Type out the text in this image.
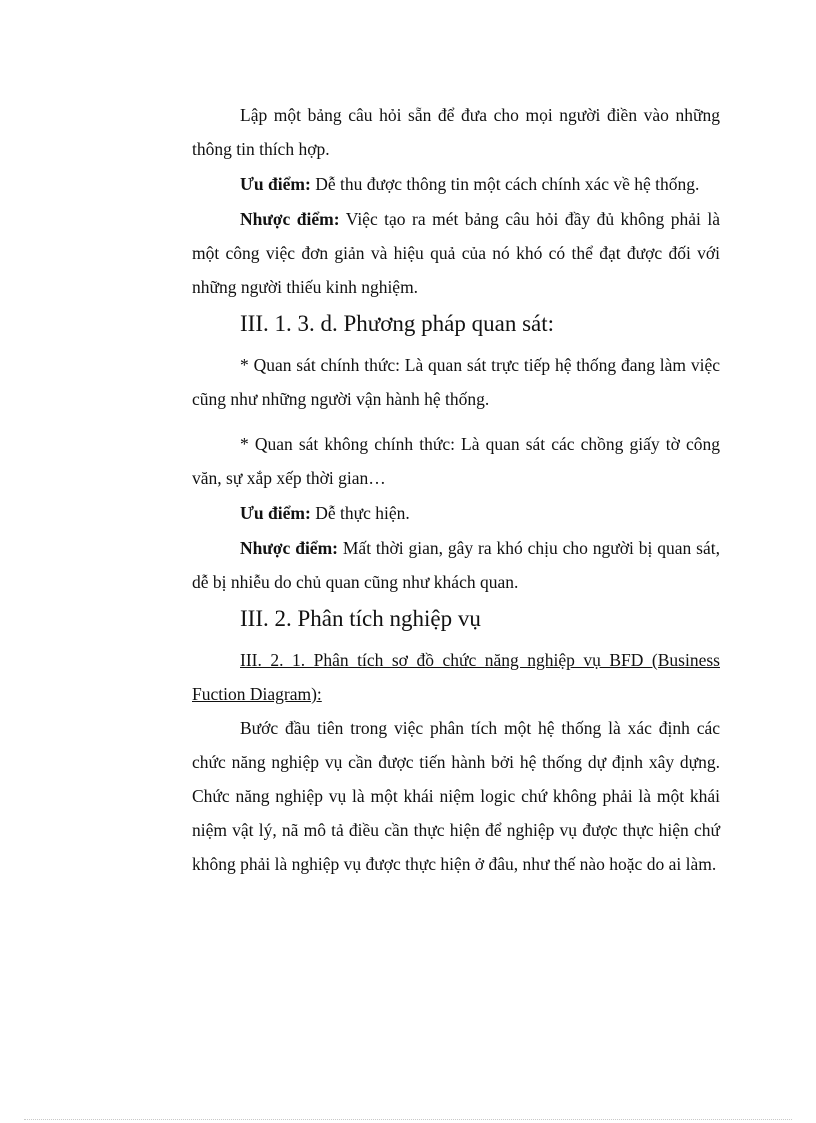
Lập một bảng câu hỏi sẵn để đưa cho mọi người điền vào những thông tin thích hợp.

Ưu điểm: Dễ thu được thông tin một cách chính xác về hệ thống.

Nhược điểm: Việc tạo ra mét bảng câu hỏi đầy đủ không phải là một công việc đơn giản và hiệu quả của nó khó có thể đạt được đối với những người thiếu kinh nghiệm.

III. 1. 3. d. Phương pháp quan sát:

* Quan sát chính thức: Là quan sát trực tiếp hệ thống đang làm việc cũng như những người vận hành hệ thống.

* Quan sát không chính thức: Là quan sát các chồng giấy tờ công văn, sự xắp xếp thời gian…

Ưu điểm: Dễ thực hiện.

Nhược điểm: Mất thời gian, gây ra khó chịu cho người bị quan sát, dễ bị nhiễu do chủ quan cũng như khách quan.

III. 2. Phân tích nghiệp vụ

III. 2. 1. Phân tích sơ đồ chức năng nghiệp vụ BFD (Business Fuction Diagram):

Bước đầu tiên trong việc phân tích một hệ thống là xác định các chức năng nghiệp vụ cần được tiến hành bởi hệ thống dự định xây dựng. Chức năng nghiệp vụ là một khái niệm logic chứ không phải là một khái niệm vật lý, nã mô tả điều cần thực hiện để nghiệp vụ được thực hiện chứ không phải là nghiệp vụ được thực hiện ở đâu, như thế nào hoặc do ai làm.
